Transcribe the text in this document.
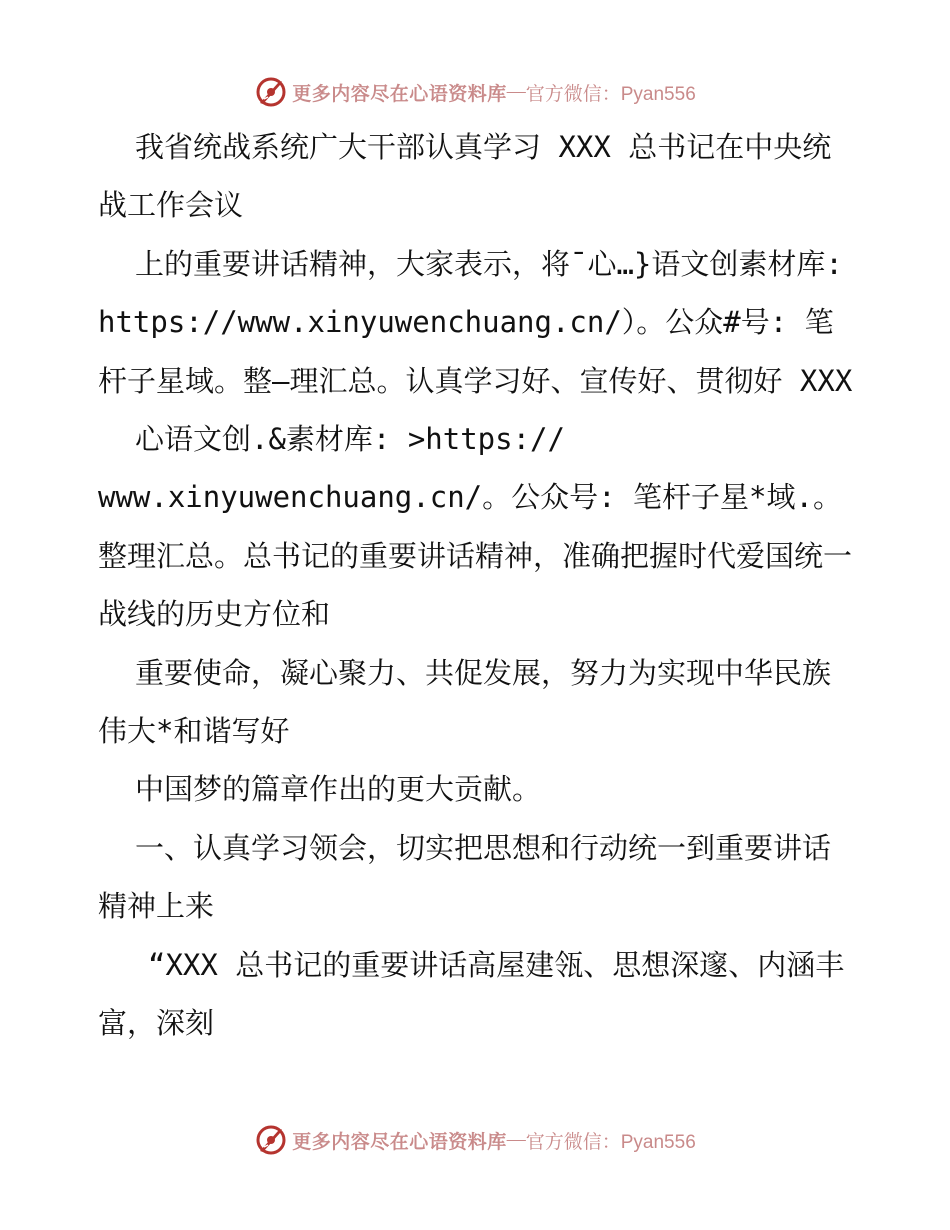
更多内容尽在心语资料库 — 官方微信：Pyan556

我省统战系统广大干部认真学习 XXX 总书记在中央统战工作会议

上的重要讲话精神，大家表示，将¯心…}语文创素材库: https://www.xinyuwenchuang.cn/）。公众#号: 笔杆子星域。整—理汇总。认真学习好、宣传好、贯彻好 XXX

心语文创.&素材库: >https://

www.xinyuwenchuang.cn/。公众号: 笔杆子星*域.。整理汇总。总书记的重要讲话精神，准确把握时代爱国统一战线的历史方位和

重要使命，凝心聚力、共促发展，努力为实现中华民族伟大*和谐写好

中国梦的篇章作出的更大贡献。

一、认真学习领会，切实把思想和行动统一到重要讲话精神上来

“XXX 总书记的重要讲话高屋建瓴、思想深邃、内涵丰富，深刻

更多内容尽在心语资料库 — 官方微信：Pyan556
